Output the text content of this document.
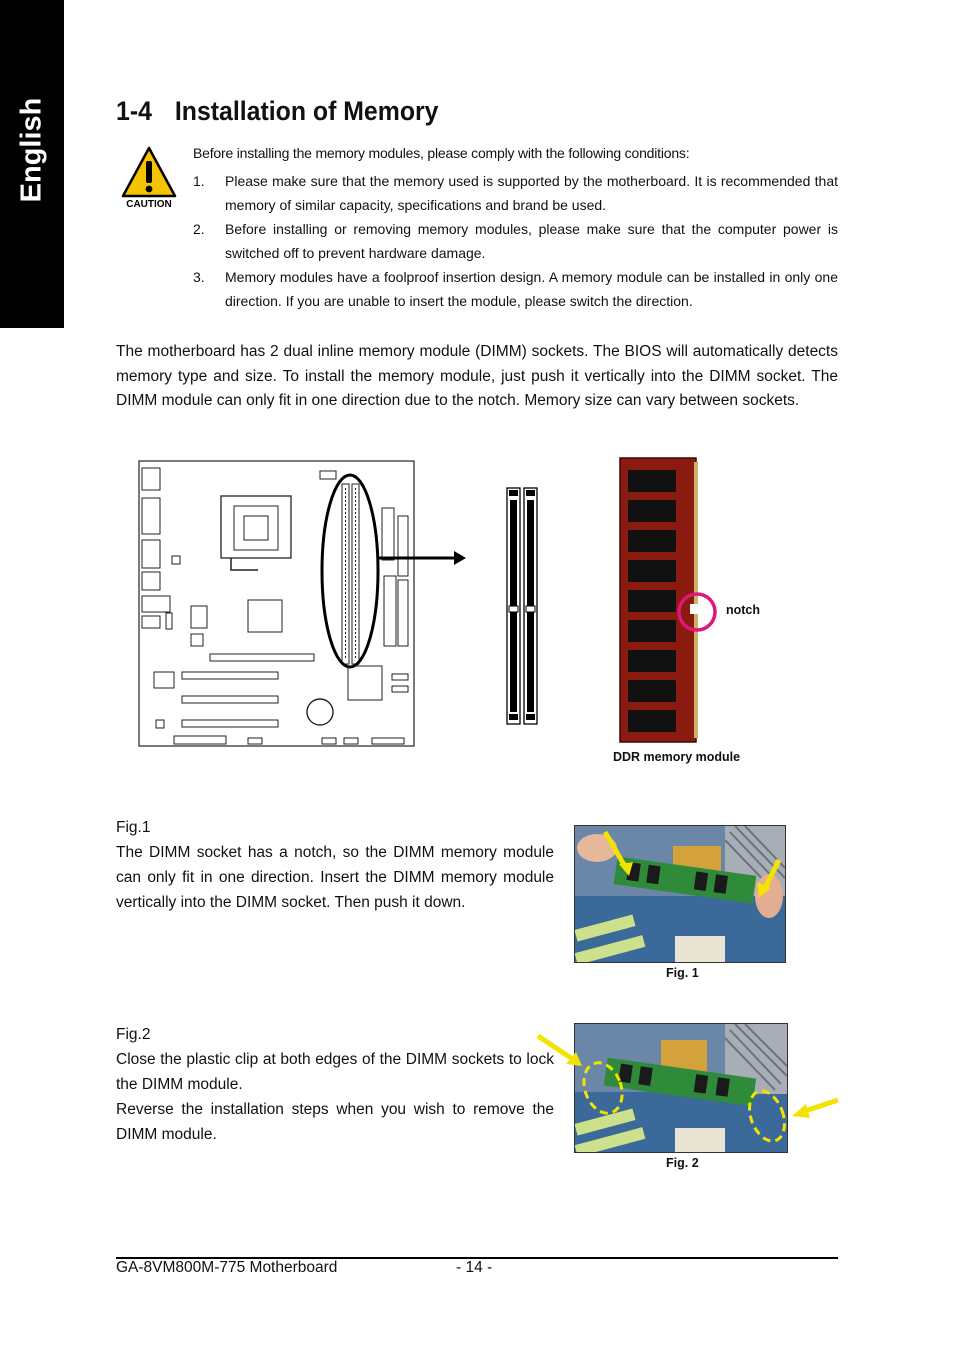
English	1-4 Installation of Memory
CAUTION
Before installing the memory modules, please comply with the following conditions:
1.	Please make sure that the memory used is supported by the motherboard. It is recommended that memory of similar capacity, specifications and brand be used.
2.	Before installing or removing memory modules, please make sure that the computer power is switched off to prevent hardware damage.
3.	Memory modules have a foolproof insertion design. A memory module can be installed in only one direction. If you are unable to insert the module, please switch the direction.
The motherboard has 2 dual inline memory module (DIMM) sockets. The BIOS will automatically detects memory type and size. To install the memory module, just push it vertically into the DIMM socket. The DIMM module can only fit in one direction due to the notch. Memory size can vary between sockets.
notch
DDR memory module
Fig.1
The DIMM socket has a notch, so the DIMM memory module can only fit in one direction. Insert the DIMM memory module vertically into the DIMM socket. Then push it down.
Fig. 1
Fig.2
Close the plastic clip at both edges of the DIMM sockets to lock the DIMM module.
Reverse the installation steps when you wish to remove the DIMM module.
Fig. 2
GA-8VM800M-775 Motherboard	- 14 -
